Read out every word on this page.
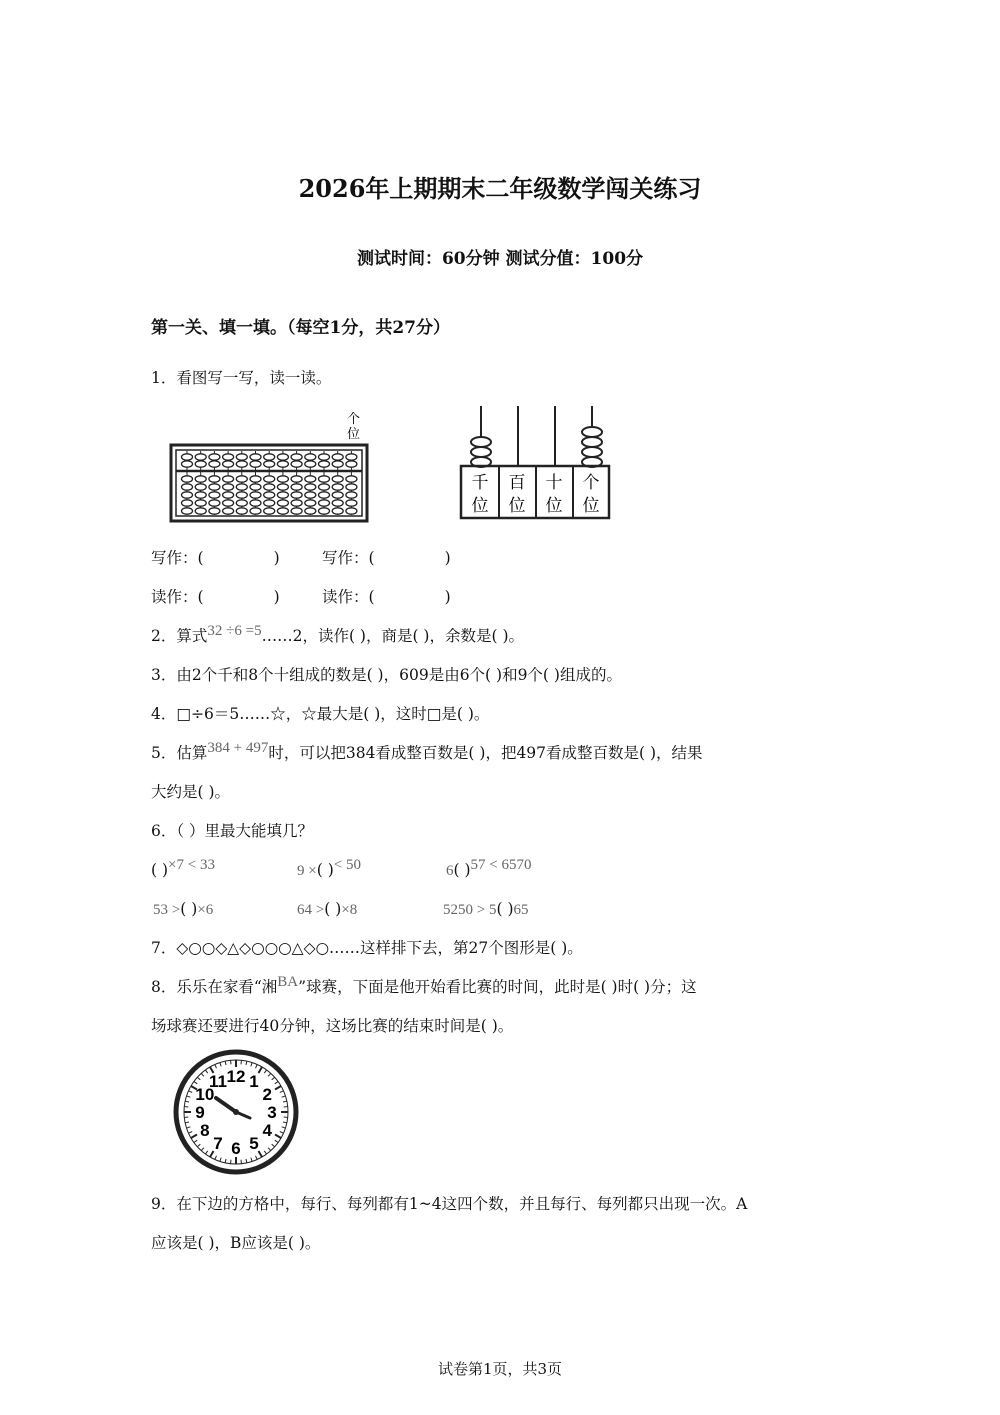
2026年上期期末二年级数学闯关练习
测试时间：60分钟 测试分值：100分
第一关、填一填。（每空1分，共27分）
1．看图写一写，读一读。
个
位
千
位
百
位
十
位
个
位
写作：(	)	写作：(	)
读作：(	)	读作：(	)
2．算式32 ÷6 =5……2，读作( )，商是( )，余数是( )。
3．由2个千和8个十组成的数是( )，609是由6个( )和9个( )组成的。
4．□÷6＝5……☆，☆最大是( )，这时□是( )。
5．估算384 + 497时，可以把384看成整百数是( )，把497看成整百数是( )，结果
大约是( )。
6．（ ）里最大能填几？
( )×7 < 33	9 ×( )< 50	6( )57 < 6570
53 >( )×6	64 >( )×8	5250 > 5( )65
7．◇○○◇△◇○○○△◇○……这样排下去，第27个图形是( )。
8．乐乐在家看“湘BA”球赛，下面是他开始看比赛的时间，此时是( )时( )分；这
场球赛还要进行40分钟，这场比赛的结束时间是( )。
12 1
2
3
4
5
6
7
8
9
10
11
9．在下边的方格中，每行、每列都有1~4这四个数，并且每行、每列都只出现一次。A
应该是( )，B应该是( )。
试卷第1页，共3页
